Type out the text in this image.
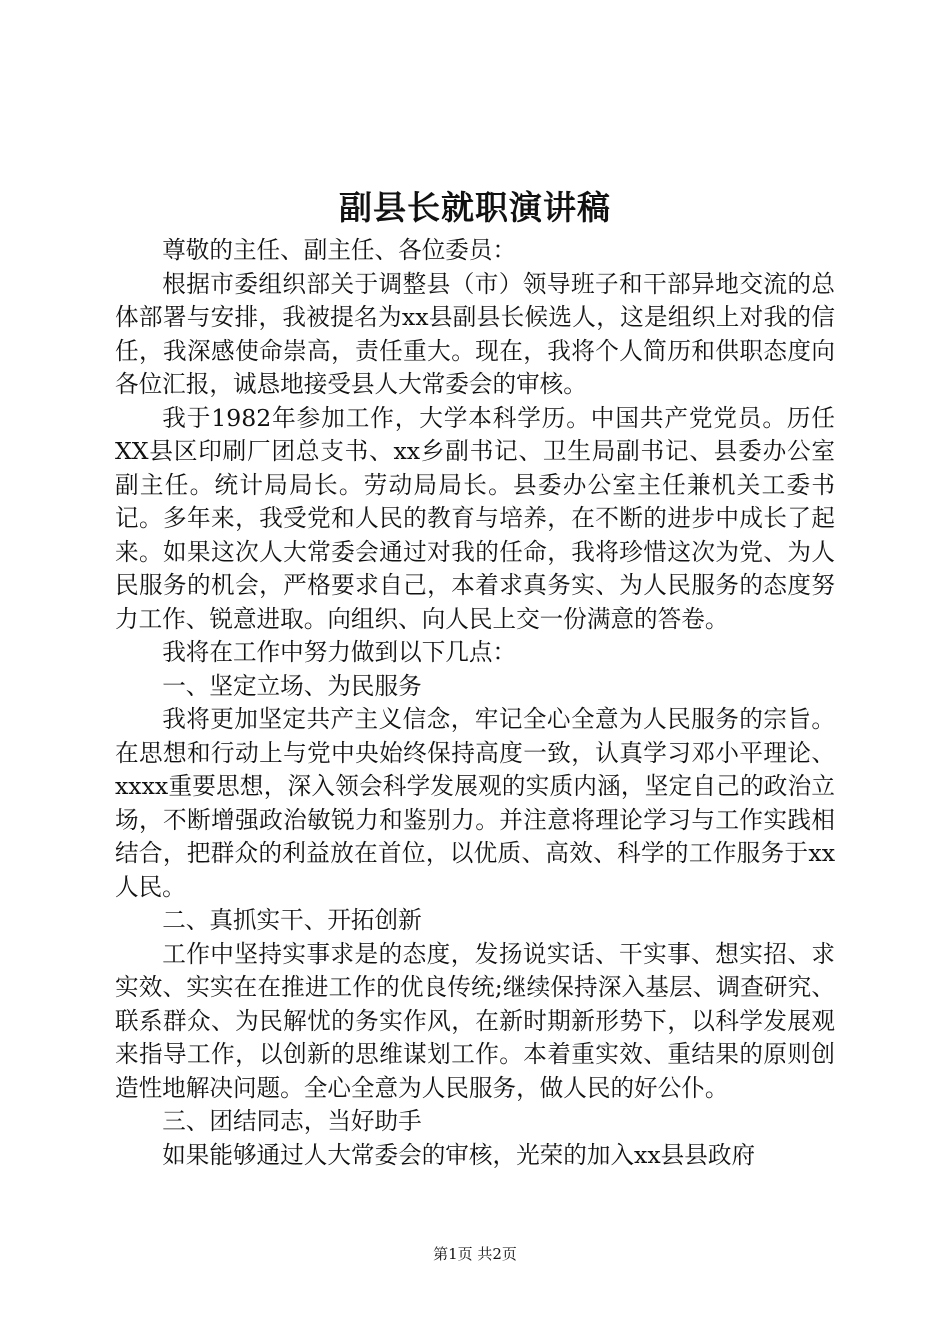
副县长就职演讲稿

尊敬的主任、副主任、各位委员：

根据市委组织部关于调整县（市）领导班子和干部异地交流的总体部署与安排，我被提名为xx县副县长候选人，这是组织上对我的信任，我深感使命崇高，责任重大。现在，我将个人简历和供职态度向各位汇报，诚恳地接受县人大常委会的审核。

我于1982年参加工作，大学本科学历。中国共产党党员。历任XX县区印刷厂团总支书、xx乡副书记、卫生局副书记、县委办公室副主任。统计局局长。劳动局局长。县委办公室主任兼机关工委书记。多年来，我受党和人民的教育与培养，在不断的进步中成长了起来。如果这次人大常委会通过对我的任命，我将珍惜这次为党、为人民服务的机会，严格要求自己，本着求真务实、为人民服务的态度努力工作、锐意进取。向组织、向人民上交一份满意的答卷。

我将在工作中努力做到以下几点：

一、坚定立场、为民服务

我将更加坚定共产主义信念，牢记全心全意为人民服务的宗旨。在思想和行动上与党中央始终保持高度一致，认真学习邓小平理论、xxxx重要思想，深入领会科学发展观的实质内涵，坚定自己的政治立场，不断增强政治敏锐力和鉴别力。并注意将理论学习与工作实践相结合，把群众的利益放在首位，以优质、高效、科学的工作服务于xx人民。

二、真抓实干、开拓创新

工作中坚持实事求是的态度，发扬说实话、干实事、想实招、求实效、实实在在推进工作的优良传统;继续保持深入基层、调查研究、联系群众、为民解忧的务实作风，在新时期新形势下，以科学发展观来指导工作，以创新的思维谋划工作。本着重实效、重结果的原则创造性地解决问题。全心全意为人民服务，做人民的好公仆。

三、团结同志，当好助手

如果能够通过人大常委会的审核，光荣的加入xx县县政府

第1页 共2页
